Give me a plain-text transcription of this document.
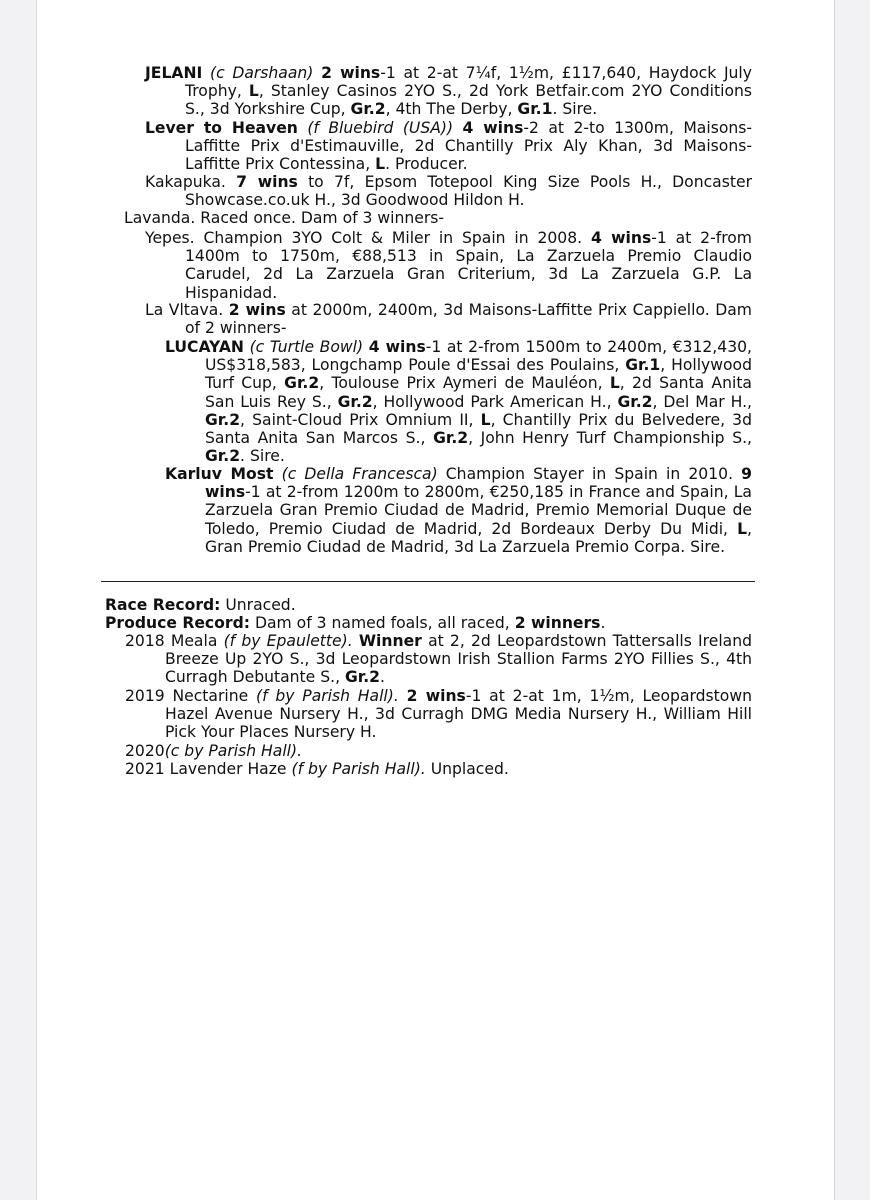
JELANI (c Darshaan) 2 wins-1 at 2-at 7¼f, 1½m, £117,640, Haydock July Trophy, L, Stanley Casinos 2YO S., 2d York Betfair.com 2YO Conditions S., 3d Yorkshire Cup, Gr.2, 4th The Derby, Gr.1. Sire.

Lever to Heaven (f Bluebird (USA)) 4 wins-2 at 2-to 1300m, Maisons-Laffitte Prix d'Estimauville, 2d Chantilly Prix Aly Khan, 3d Maisons-Laffitte Prix Contessina, L. Producer.

Kakapuka. 7 wins to 7f, Epsom Totepool King Size Pools H., Doncaster Showcase.co.uk H., 3d Goodwood Hildon H.

Lavanda. Raced once. Dam of 3 winners-

Yepes. Champion 3YO Colt & Miler in Spain in 2008. 4 wins-1 at 2-from 1400m to 1750m, €88,513 in Spain, La Zarzuela Premio Claudio Carudel, 2d La Zarzuela Gran Criterium, 3d La Zarzuela G.P. La Hispanidad.

La Vltava. 2 wins at 2000m, 2400m, 3d Maisons-Laffitte Prix Cappiello. Dam of 2 winners-

LUCAYAN (c Turtle Bowl) 4 wins-1 at 2-from 1500m to 2400m, €312,430, US$318,583, Longchamp Poule d'Essai des Poulains, Gr.1, Hollywood Turf Cup, Gr.2, Toulouse Prix Aymeri de Mauléon, L, 2d Santa Anita San Luis Rey S., Gr.2, Hollywood Park American H., Gr.2, Del Mar H., Gr.2, Saint-Cloud Prix Omnium II, L, Chantilly Prix du Belvedere, 3d Santa Anita San Marcos S., Gr.2, John Henry Turf Championship S., Gr.2. Sire.

Karluv Most (c Della Francesca) Champion Stayer in Spain in 2010. 9 wins-1 at 2-from 1200m to 2800m, €250,185 in France and Spain, La Zarzuela Gran Premio Ciudad de Madrid, Premio Memorial Duque de Toledo, Premio Ciudad de Madrid, 2d Bordeaux Derby Du Midi, L, Gran Premio Ciudad de Madrid, 3d La Zarzuela Premio Corpa. Sire.

Race Record: Unraced.

Produce Record: Dam of 3 named foals, all raced, 2 winners.

2018 Meala (f by Epaulette). Winner at 2, 2d Leopardstown Tattersalls Ireland Breeze Up 2YO S., 3d Leopardstown Irish Stallion Farms 2YO Fillies S., 4th Curragh Debutante S., Gr.2.

2019 Nectarine (f by Parish Hall). 2 wins-1 at 2-at 1m, 1½m, Leopardstown Hazel Avenue Nursery H., 3d Curragh DMG Media Nursery H., William Hill Pick Your Places Nursery H.

2020(c by Parish Hall).

2021 Lavender Haze (f by Parish Hall). Unplaced.
